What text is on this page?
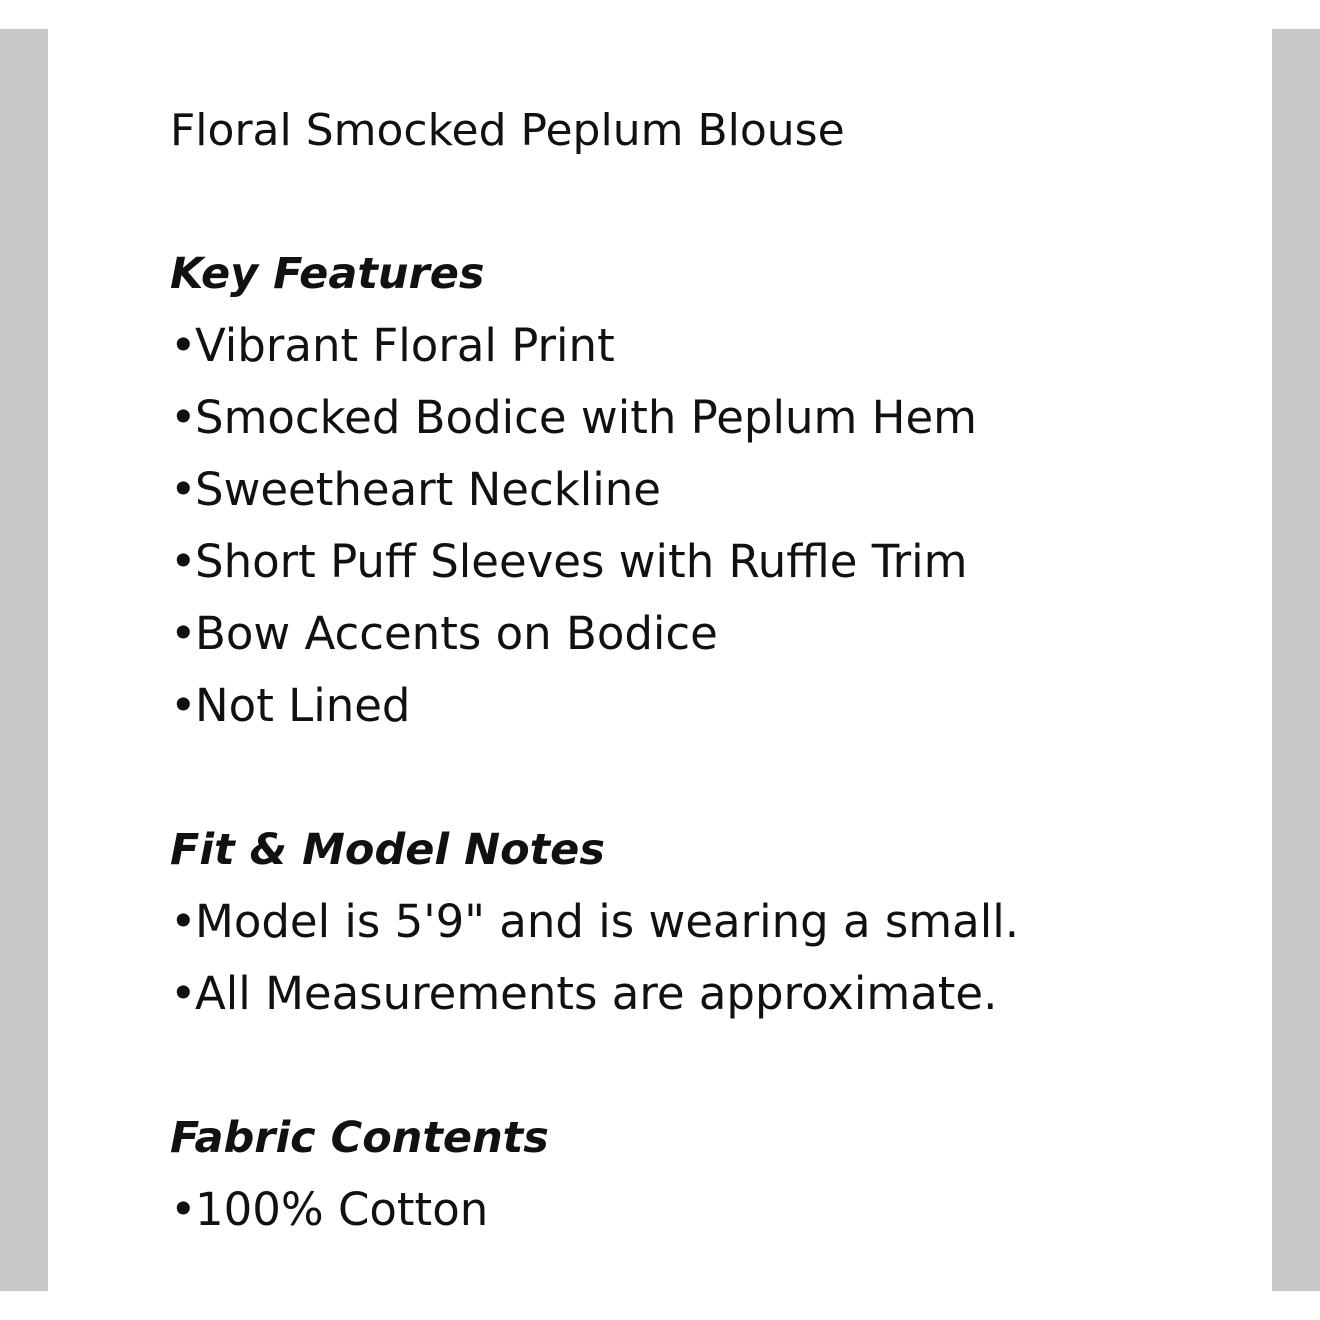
Floral Smocked Peplum Blouse
Key Features
•Vibrant Floral Print
•Smocked Bodice with Peplum Hem
•Sweetheart Neckline
•Short Puff Sleeves with Ruffle Trim
•Bow Accents on Bodice
•Not Lined
Fit & Model Notes
•Model is 5'9" and is wearing a small.
•All Measurements are approximate.
Fabric Contents
•100% Cotton
